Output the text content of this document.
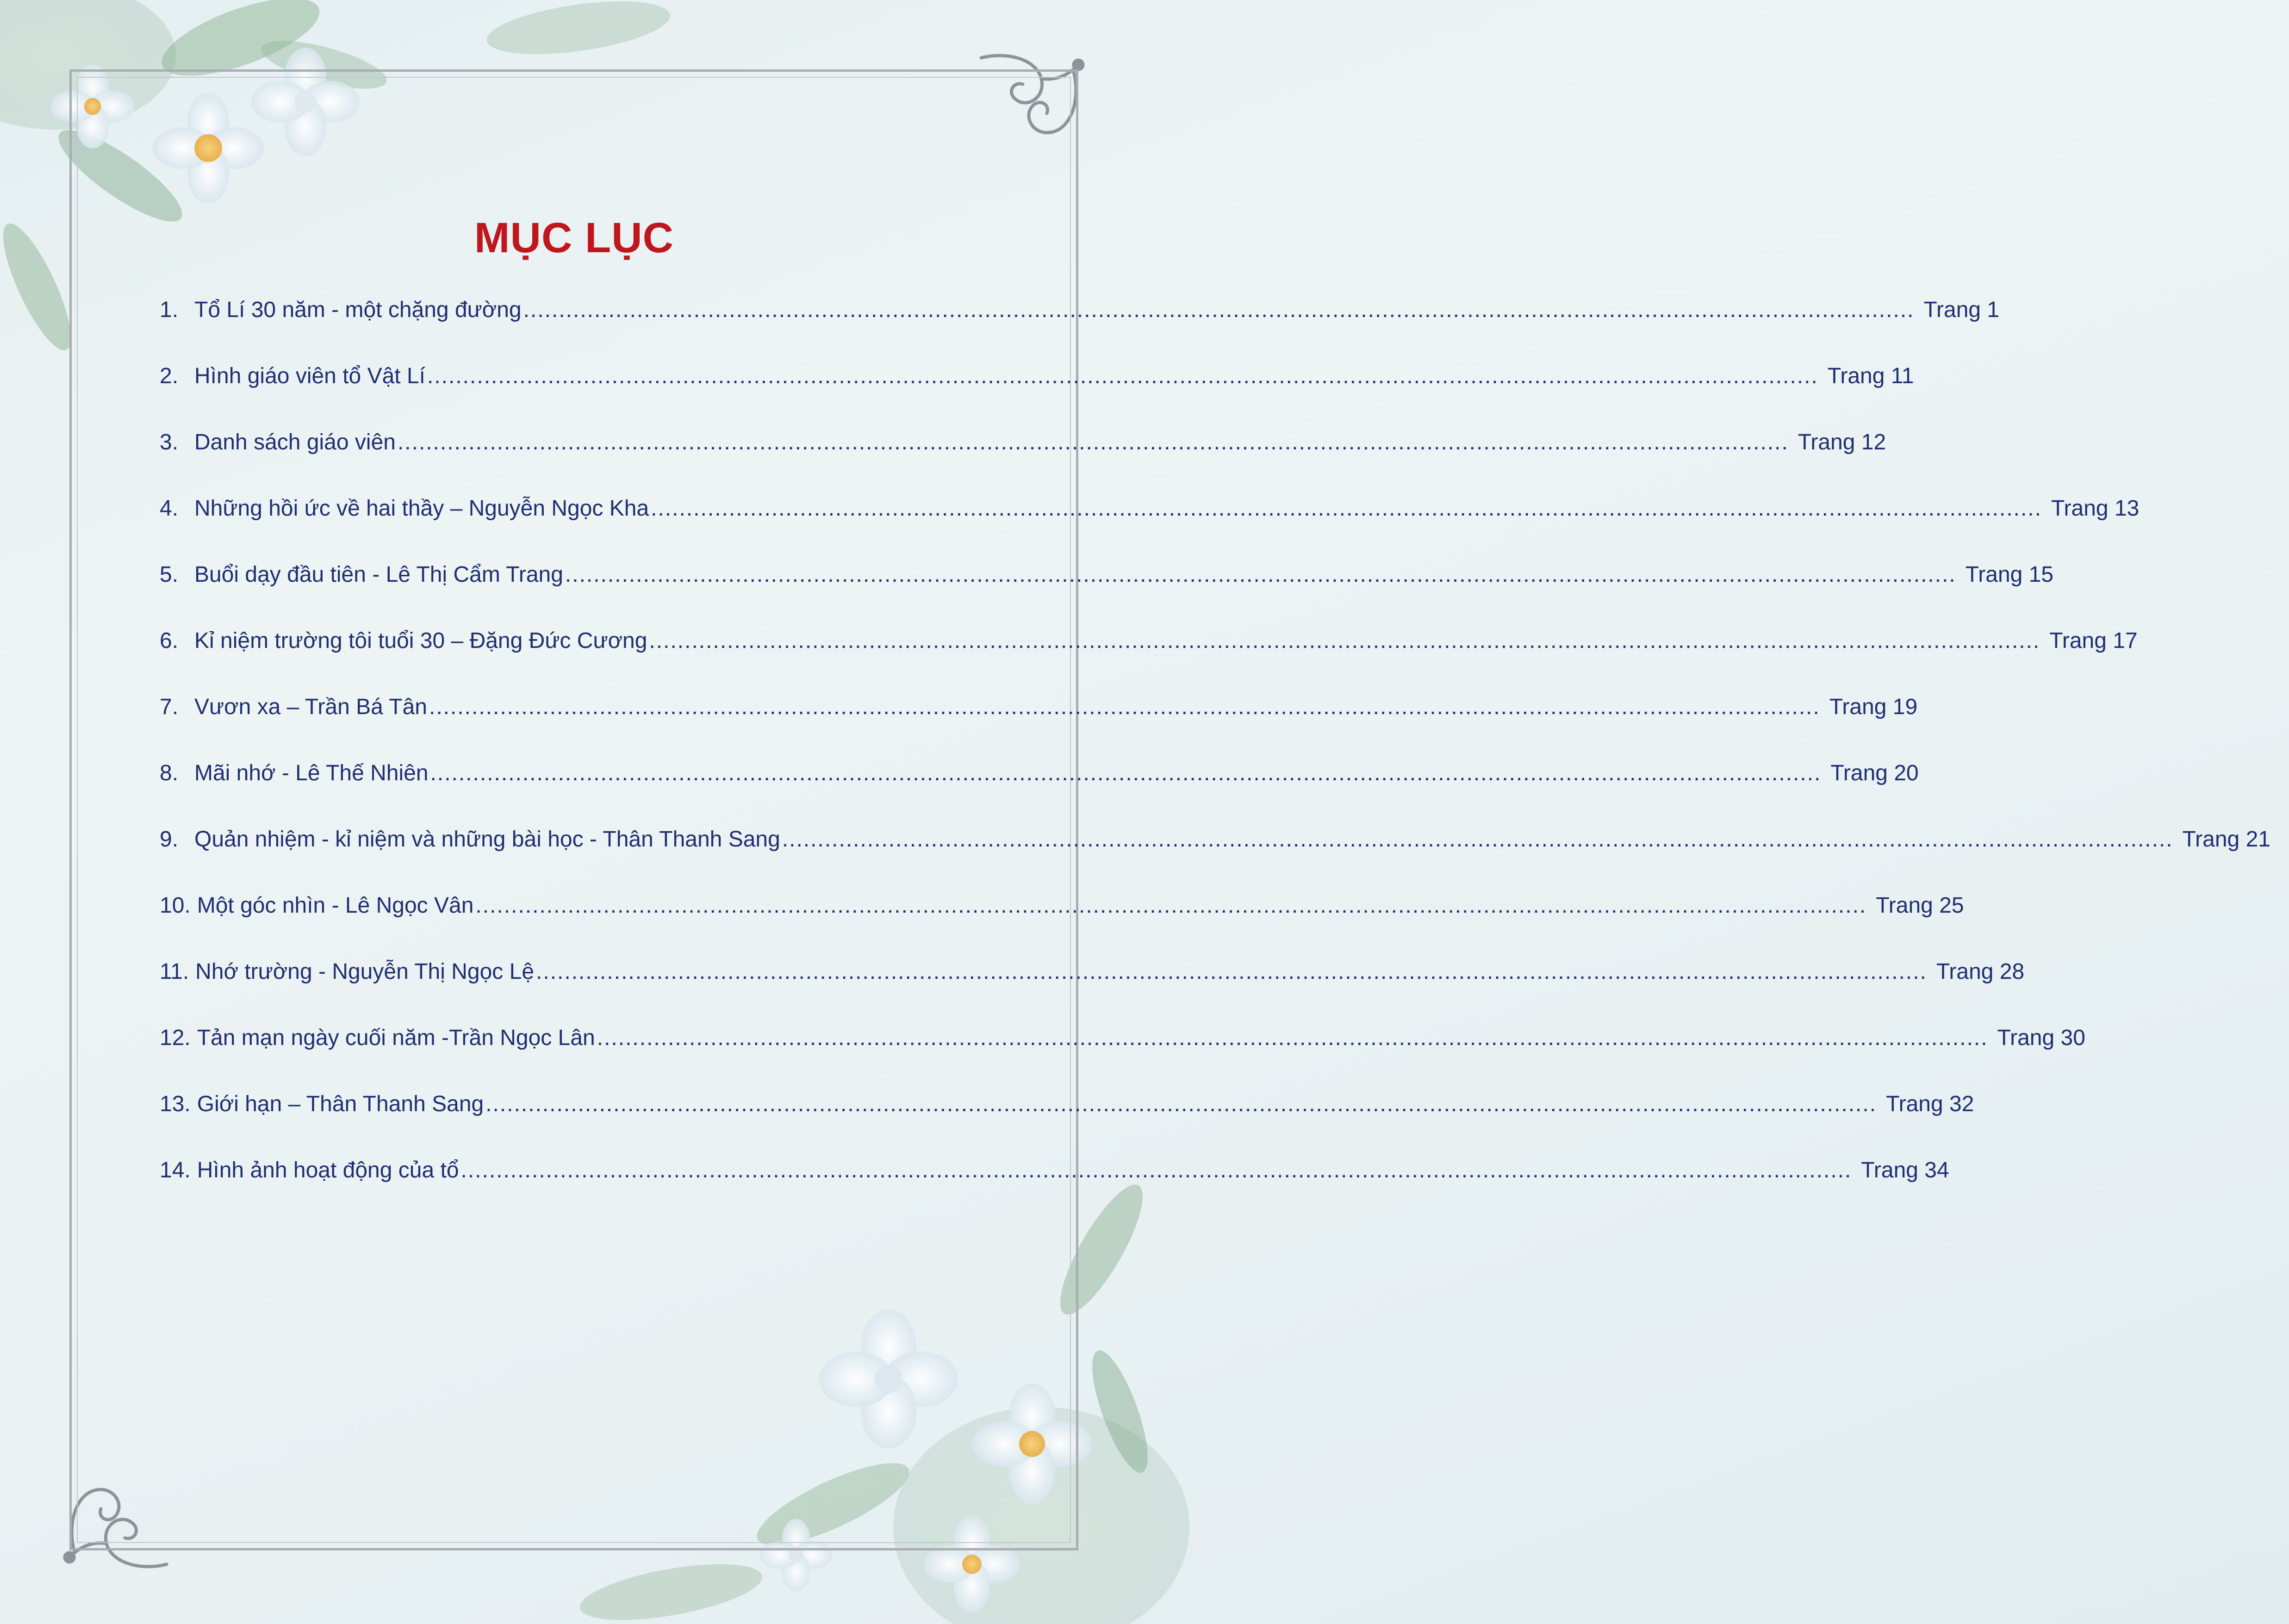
MỤC LỤC
1. Tổ Lí 30 năm - một chặng đường .................................................................................................................................................................................................... Trang 1
2. Hình giáo viên tổ Vật Lí .................................................................................................................................................................................................... Trang 11
3. Danh sách giáo viên .................................................................................................................................................................................................... Trang 12
4. Những hồi ức về hai thầy – Nguyễn Ngọc Kha .................................................................................................................................................................................................... Trang 13
5. Buổi dạy đầu tiên - Lê Thị Cẩm Trang .................................................................................................................................................................................................... Trang 15
6. Kỉ niệm trường tôi tuổi 30 – Đặng Đức Cương .................................................................................................................................................................................................... Trang 17
7. Vươn xa – Trần Bá Tân .................................................................................................................................................................................................... Trang 19
8. Mãi nhớ - Lê Thế Nhiên .................................................................................................................................................................................................... Trang 20
9. Quản nhiệm - kỉ niệm và những bài học - Thân Thanh Sang .................................................................................................................................................................................................... Trang 21
10. Một góc nhìn - Lê Ngọc Vân .................................................................................................................................................................................................... Trang 25
11. Nhớ trường - Nguyễn Thị Ngọc Lệ .................................................................................................................................................................................................... Trang 28
12. Tản mạn ngày cuối năm -Trần Ngọc Lân .................................................................................................................................................................................................... Trang 30
13. Giới hạn – Thân Thanh Sang .................................................................................................................................................................................................... Trang 32
14. Hình ảnh hoạt động của tổ .................................................................................................................................................................................................... Trang 34
